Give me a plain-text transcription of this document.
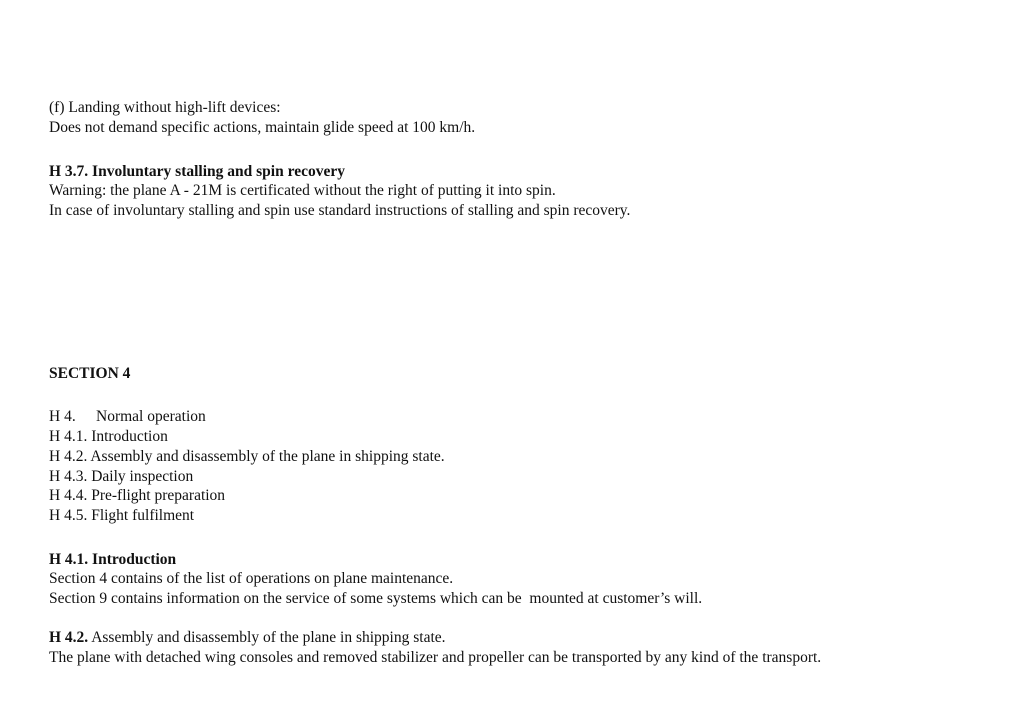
(f) Landing without high-lift devices:
Does not demand specific actions, maintain glide speed at 100 km/h.
H 3.7. Involuntary stalling and spin recovery
Warning: the plane A - 21M is certificated without the right of putting it into spin.
In case of involuntary stalling and spin use standard instructions of stalling and spin recovery.
SECTION 4
H 4. Normal operation
H 4.1. Introduction
H 4.2. Assembly and disassembly of the plane in shipping state.
H 4.3. Daily inspection
H 4.4. Pre-flight preparation
H 4.5. Flight fulfilment
H 4.1. Introduction
Section 4 contains of the list of operations on plane maintenance.
Section 9 contains information on the service of some systems which can be  mounted at customer’s will.
H 4.2. Assembly and disassembly of the plane in shipping state.
The plane with detached wing consoles and removed stabilizer and propeller can be transported by any kind of the transport.
